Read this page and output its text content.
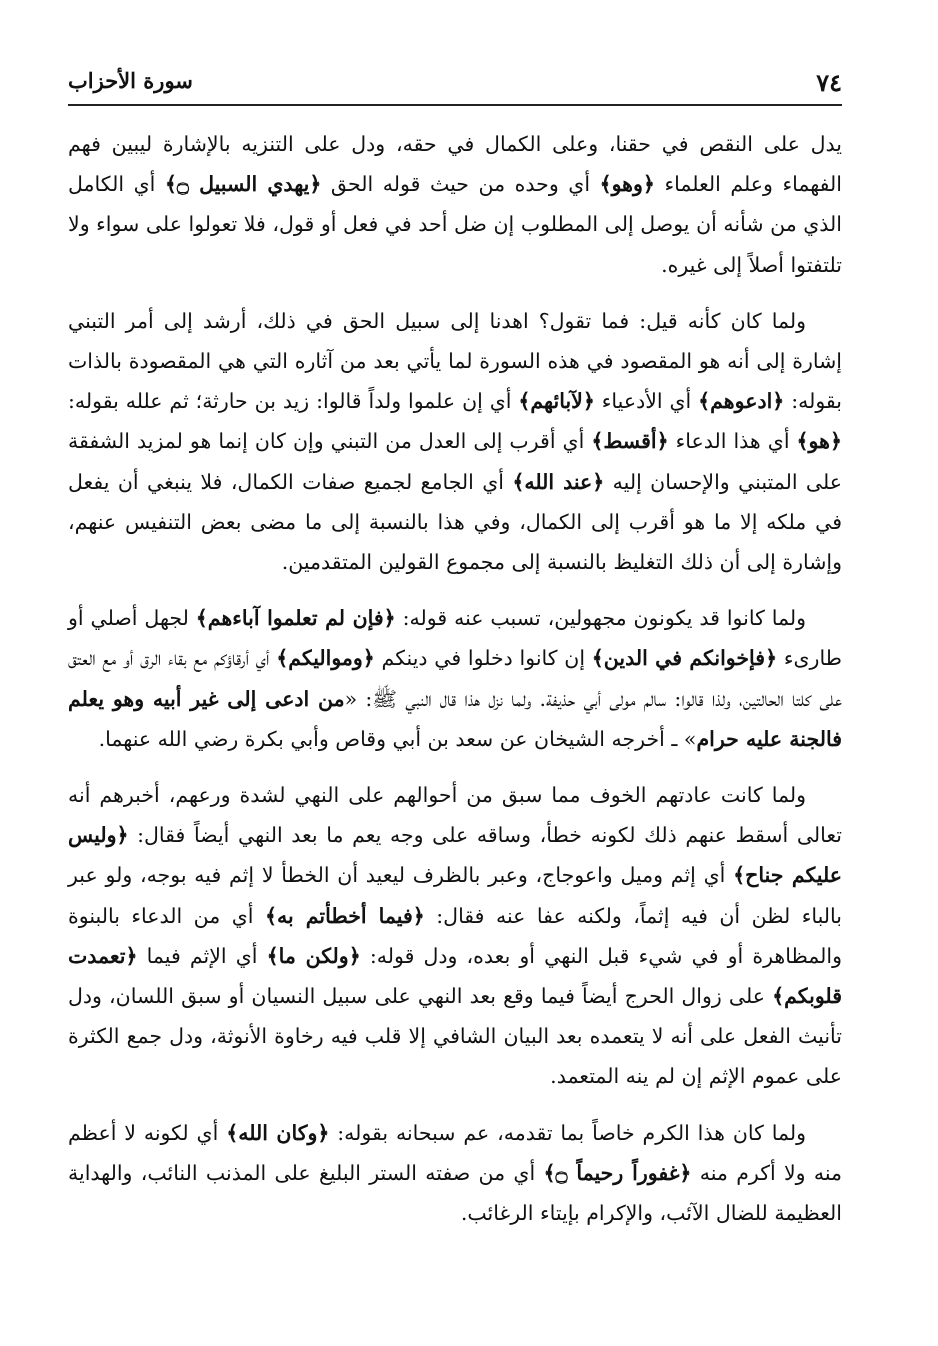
٧٤
سورة الأحزاب

يدل على النقص في حقنا، وعلى الكمال في حقه، ودل على التنزيه بالإشارة ليبين فهم الفهماء وعلم العلماء ﴿وهو﴾ أي وحده من حيث قوله الحق ﴿يهدي السبيل ۝﴾ أي الكامل الذي من شأنه أن يوصل إلى المطلوب إن ضل أحد في فعل أو قول، فلا تعولوا على سواء ولا تلتفتوا أصلاً إلى غيره.

ولما كان كأنه قيل: فما تقول؟ اهدنا إلى سبيل الحق في ذلك، أرشد إلى أمر التبني إشارة إلى أنه هو المقصود في هذه السورة لما يأتي بعد من آثاره التي هي المقصودة بالذات بقوله: ﴿ادعوهم﴾ أي الأدعياء ﴿لآبائهم﴾ أي إن علموا ولداً قالوا: زيد بن حارثة؛ ثم علله بقوله: ﴿هو﴾ أي هذا الدعاء ﴿أقسط﴾ أي أقرب إلى العدل من التبني وإن كان إنما هو لمزيد الشفقة على المتبني والإحسان إليه ﴿عند الله﴾ أي الجامع لجميع صفات الكمال، فلا ينبغي أن يفعل في ملكه إلا ما هو أقرب إلى الكمال، وفي هذا بالنسبة إلى ما مضى بعض التنفيس عنهم، وإشارة إلى أن ذلك التغليظ بالنسبة إلى مجموع القولين المتقدمين.

ولما كانوا قد يكونون مجهولين، تسبب عنه قوله: ﴿فإن لم تعلموا آباءهم﴾ لجهل أصلي أو طارىء ﴿فإخوانكم في الدين﴾ إن كانوا دخلوا في دينكم ﴿ومواليكم﴾ أي أرقاؤكم مع بقاء الرق أو مع العتق على كلتا الحالتين، ولذا قالوا: سالم مولى أبي حذيفة. ولما نزل هذا قال النبي ﷺ: «من ادعى إلى غير أبيه وهو يعلم فالجنة عليه حرام» ـ أخرجه الشيخان عن سعد بن أبي وقاص وأبي بكرة رضي الله عنهما.

ولما كانت عادتهم الخوف مما سبق من أحوالهم على النهي لشدة ورعهم، أخبرهم أنه تعالى أسقط عنهم ذلك لكونه خطأ، وساقه على وجه يعم ما بعد النهي أيضاً فقال: ﴿وليس عليكم جناح﴾ أي إثم وميل واعوجاج، وعبر بالظرف ليعيد أن الخطأ لا إثم فيه بوجه، ولو عبر بالباء لظن أن فيه إثماً، ولكنه عفا عنه فقال: ﴿فيما أخطأتم به﴾ أي من الدعاء بالبنوة والمظاهرة أو في شيء قبل النهي أو بعده، ودل قوله: ﴿ولكن ما﴾ أي الإثم فيما ﴿تعمدت قلوبكم﴾ على زوال الحرج أيضاً فيما وقع بعد النهي على سبيل النسيان أو سبق اللسان، ودل تأنيث الفعل على أنه لا يتعمده بعد البيان الشافي إلا قلب فيه رخاوة الأنوثة، ودل جمع الكثرة على عموم الإثم إن لم ينه المتعمد.

ولما كان هذا الكرم خاصاً بما تقدمه، عم سبحانه بقوله: ﴿وكان الله﴾ أي لكونه لا أعظم منه ولا أكرم منه ﴿غفوراً رحيماً ۝﴾ أي من صفته الستر البليغ على المذنب النائب، والهداية العظيمة للضال الآئب، والإكرام بإيتاء الرغائب.
